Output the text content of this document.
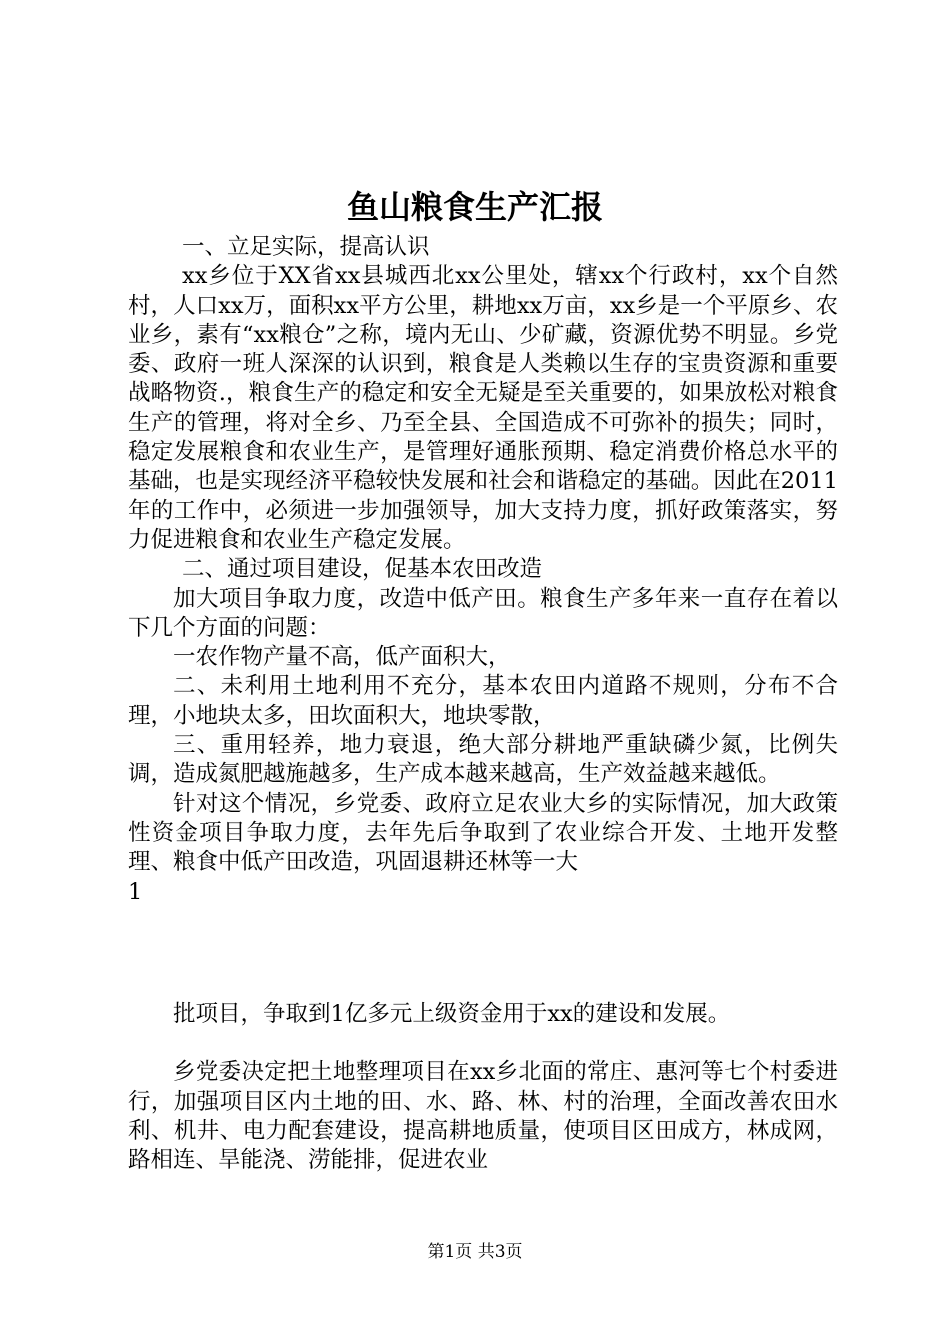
鱼山粮食生产汇报

一、立足实际，提高认识

xx乡位于XX省xx县城西北xx公里处，辖xx个行政村，xx个自然村，人口xx万，面积xx平方公里，耕地xx万亩，xx乡是一个平原乡、农业乡，素有“xx粮仓”之称，境内无山、少矿藏，资源优势不明显。乡党委、政府一班人深深的认识到，粮食是人类赖以生存的宝贵资源和重要战略物资.，粮食生产的稳定和安全无疑是至关重要的，如果放松对粮食生产的管理，将对全乡、乃至全县、全国造成不可弥补的损失；同时，稳定发展粮食和农业生产，是管理好通胀预期、稳定消费价格总水平的基础，也是实现经济平稳较快发展和社会和谐稳定的基础。因此在2011年的工作中，必须进一步加强领导，加大支持力度，抓好政策落实，努力促进粮食和农业生产稳定发展。

二、通过项目建设，促基本农田改造

加大项目争取力度，改造中低产田。粮食生产多年来一直存在着以下几个方面的问题：

一农作物产量不高，低产面积大，

二、未利用土地利用不充分，基本农田内道路不规则，分布不合理，小地块太多，田坎面积大，地块零散，

三、重用轻养，地力衰退，绝大部分耕地严重缺磷少氮，比例失调，造成氮肥越施越多，生产成本越来越高，生产效益越来越低。

针对这个情况，乡党委、政府立足农业大乡的实际情况，加大政策性资金项目争取力度，去年先后争取到了农业综合开发、土地开发整理、粮食中低产田改造，巩固退耕还林等一大

1

批项目，争取到1亿多元上级资金用于xx的建设和发展。

乡党委决定把土地整理项目在xx乡北面的常庄、惠河等七个村委进行，加强项目区内土地的田、水、路、林、村的治理，全面改善农田水利、机井、电力配套建设，提高耕地质量，使项目区田成方，林成网，路相连、旱能浇、涝能排，促进农业

第1页 共3页
